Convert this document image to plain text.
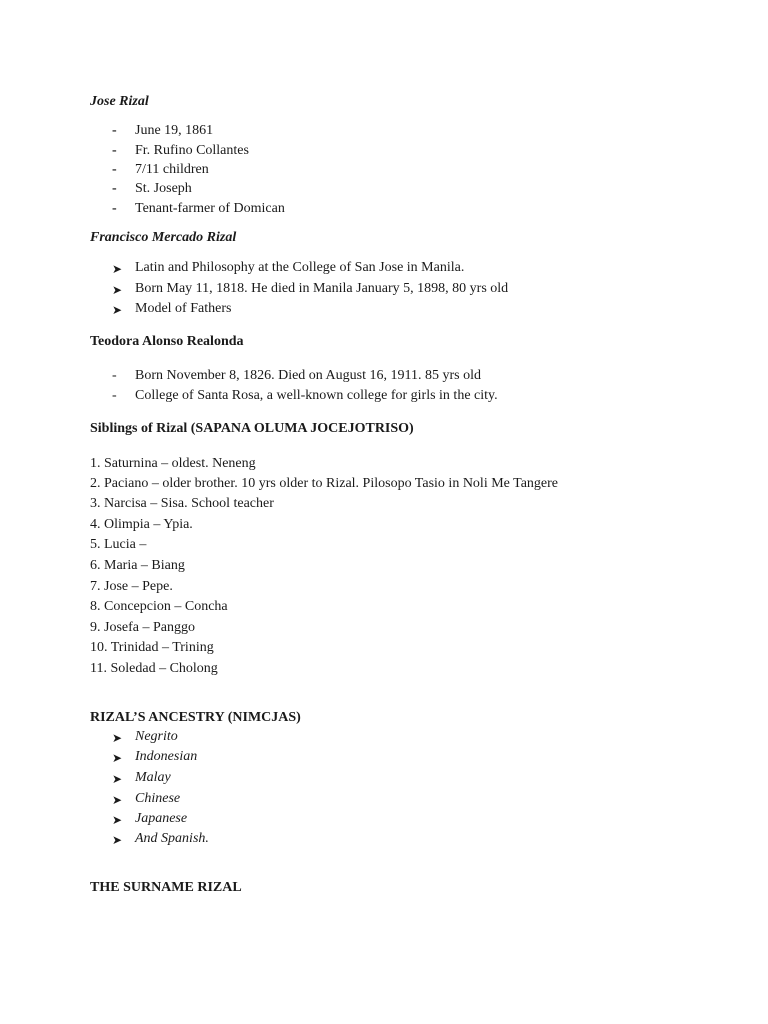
Jose Rizal
-	June 19, 1861
-	Fr. Rufino Collantes
-	7/11 children
-	St. Joseph
-	Tenant-farmer of Domican
Francisco Mercado Rizal
➤ Latin and Philosophy at the College of San Jose in Manila.
➤ Born May 11, 1818. He died in Manila January 5, 1898, 80 yrs old
➤ Model of Fathers
Teodora Alonso Realonda
-	Born November 8, 1826. Died on August 16, 1911. 85 yrs old
-	College of Santa Rosa, a well-known college for girls in the city.
Siblings of Rizal (SAPANA OLUMA JOCEJOTRISO)
1. Saturnina – oldest. Neneng
2. Paciano – older brother. 10 yrs older to Rizal. Pilosopo Tasio in Noli Me Tangere
3. Narcisa – Sisa. School teacher
4. Olimpia – Ypia.
5. Lucia –
6. Maria – Biang
7. Jose – Pepe.
8. Concepcion – Concha
9. Josefa – Panggo
10. Trinidad – Trining
11. Soledad – Cholong
RIZAL’S ANCESTRY (NIMCJAS)
➤ Negrito
➤ Indonesian
➤ Malay
➤ Chinese
➤ Japanese
➤ And Spanish.
THE SURNAME RIZAL
